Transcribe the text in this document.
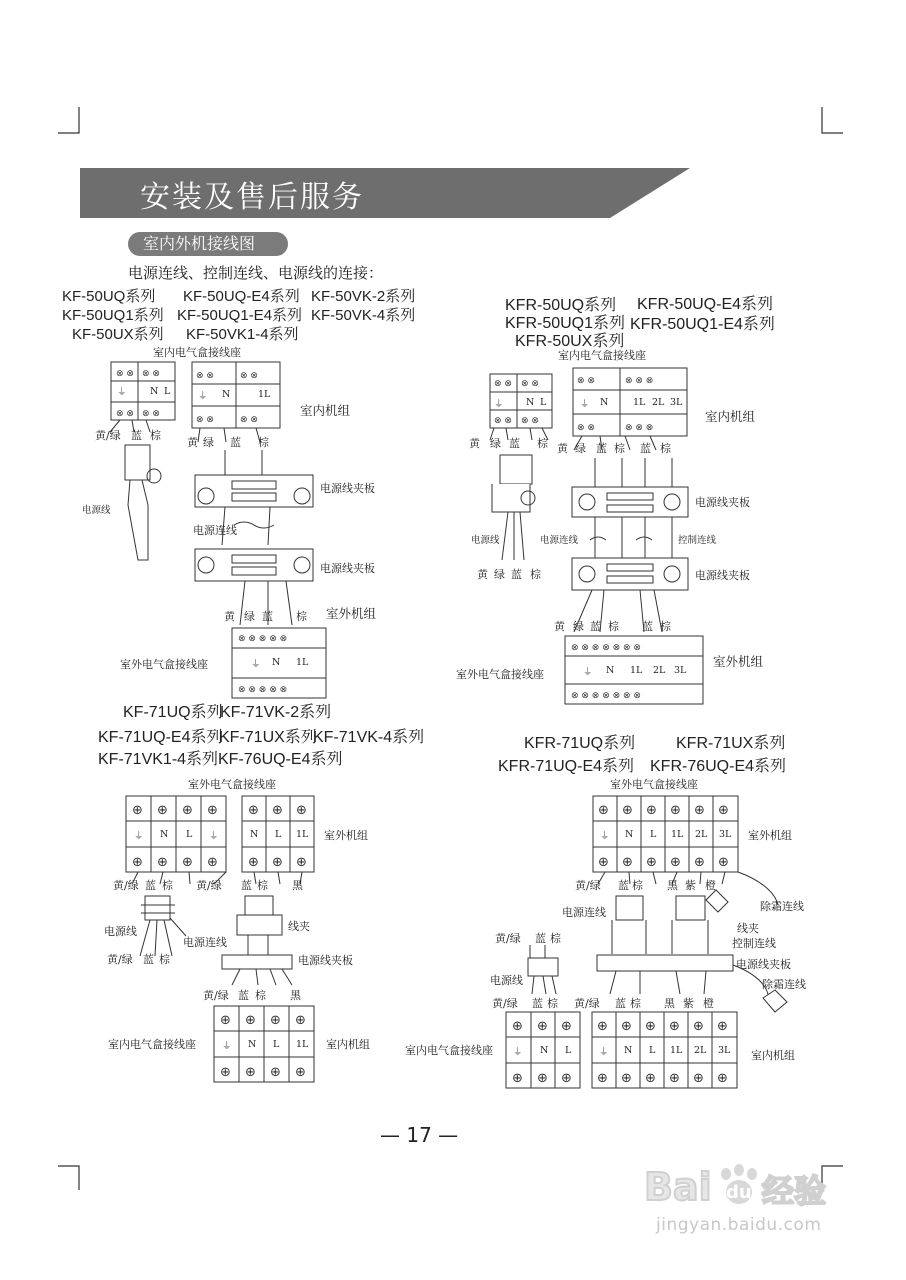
安装及售后服务
室内外机接线图
电源连线、控制连线、电源线的连接：
KF-50UQ系列 KF-50UQ-E4系列 KF-50VK-2系列
KF-50UQ1系列 KF-50UQ1-E4系列 KF-50VK-4系列
KF-50UX系列 KF-50VK1-4系列
⊗ ⊗ ⊗ ⊗
⊗ ⊗ ⊗ ⊗
⊗ ⊗	⊗ ⊗
⊗ ⊗	⊗ ⊗
⊗ ⊗ ⊗ ⊗ ⊗
⊗ ⊗ ⊗ ⊗ ⊗
⏚ N L	⏚ N	1L
⏚ N 1L
室内电气盒接线座
室内机组
黄/绿 蓝 棕
黄 绿 蓝 棕
电源线夹板
电源线
电源连线
电源线夹板
黄 绿 蓝 棕 室外机组
室外电气盒接线座
KFR-50UQ系列 KFR-50UQ-E4系列
KFR-50UQ1系列 KFR-50UQ1-E4系列
KFR-50UX系列
⊗ ⊗ ⊗ ⊗
⊗ ⊗ ⊗ ⊗
⊗ ⊗	⊗ ⊗ ⊗
⊗ ⊗	⊗ ⊗ ⊗
⊗ ⊗ ⊗ ⊗ ⊗ ⊗ ⊗
⊗ ⊗ ⊗ ⊗ ⊗ ⊗ ⊗
⏚ N L	⏚ N	1L 2L 3L
⏚ N 1L 2L 3L
室内电气盒接线座
室内机组
黄 绿 蓝 棕 黄 绿 蓝 棕 蓝 棕
电源线夹板
电源线	电源连线	控制连线
黄 绿 蓝 棕	电源线夹板
黄 绿 蓝 棕 蓝 棕
室外机组
室外电气盒接线座
KF-71UQ系列
KF-71VK-2系列
KF-71UQ-E4系列
KF-71UX系列
KF-71VK-4系列
KF-71VK1-4系列 KF-76UQ-E4系列
⊕ ⊕ ⊕ ⊕
⊕ ⊕ ⊕ ⊕
⊕ ⊕ ⊕
⊕ ⊕ ⊕
⊕ ⊕ ⊕ ⊕
⊕ ⊕ ⊕ ⊕
⏚ N L ⏚	N L 1L
⏚ N L 1L
室外电气盒接线座
室外机组
黄/绿 蓝 棕 黄/绿 蓝 棕 黑
线夹
电源线
电源连线
电源线夹板
黄/绿 蓝 棕
黄/绿 蓝 棕 黑
室内电气盒接线座	室内机组
KFR-71UQ系列	KFR-71UX系列
KFR-71UQ-E4系列 KFR-76UQ-E4系列
⊕ ⊕ ⊕ ⊕ ⊕ ⊕
⊕ ⊕ ⊕ ⊕ ⊕ ⊕
⊕ ⊕ ⊕
⊕ ⊕ ⊕
⊕ ⊕ ⊕ ⊕ ⊕ ⊕
⊕ ⊕ ⊕ ⊕ ⊕ ⊕
⏚ N L 1L 2L 3L
⏚ N L	⏚ N L 1L 2L 3L
室外电气盒接线座
室外机组
黄/绿 蓝 棕 黑 紫 橙
除霜连线
电源连线
线夹
控制连线
黄/绿 蓝 棕
电源线夹板
电源线	除霜连线
黄/绿 蓝 棕 黄/绿 蓝 棕 黑 紫 橙
室内电气盒接线座	室内机组
— 17 —
Bai du 经验
jingyan.baidu.com
